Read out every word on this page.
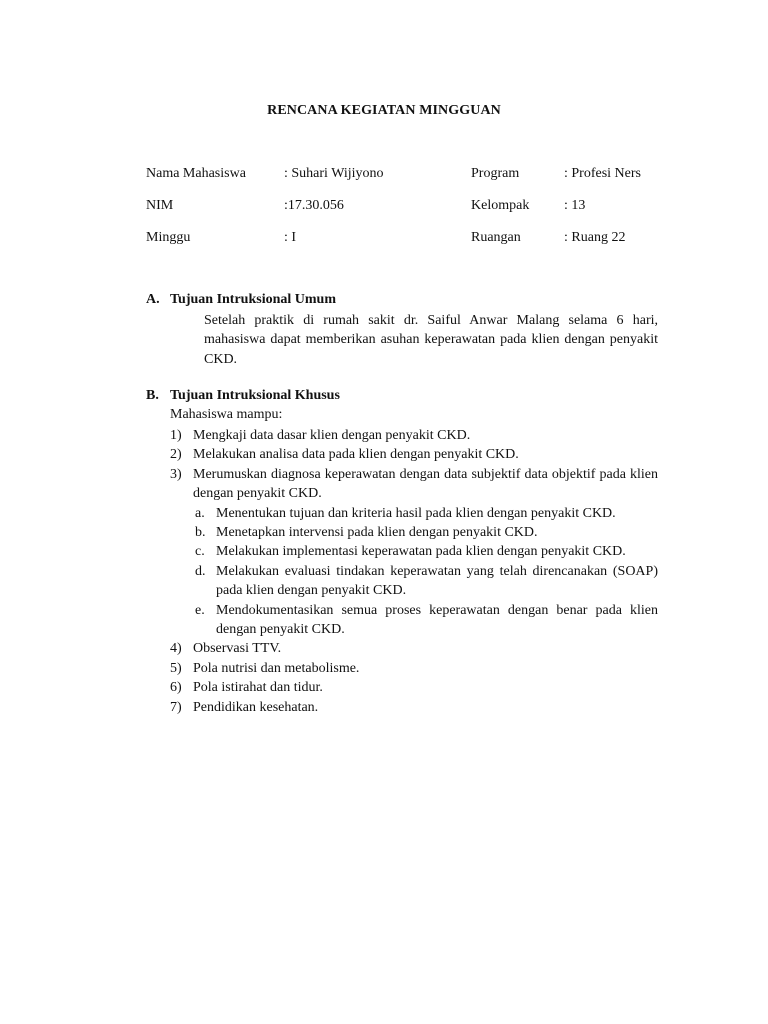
RENCANA KEGIATAN MINGGUAN
Nama Mahasiswa	: Suhari Wijiyono	Program	: Profesi Ners
NIM	:17.30.056	Kelompak : 13
Minggu	: I	Ruangan	: Ruang 22
A. Tujuan Intruksional Umum
Setelah praktik di rumah sakit dr. Saiful Anwar Malang selama 6 hari, mahasiswa dapat memberikan asuhan keperawatan pada klien dengan penyakit CKD.
B. Tujuan Intruksional Khusus
Mahasiswa mampu:
1) Mengkaji data dasar klien dengan penyakit CKD.
2) Melakukan analisa data pada klien dengan penyakit CKD.
3) Merumuskan diagnosa keperawatan dengan data subjektif data objektif pada klien dengan penyakit CKD.
a. Menentukan tujuan dan kriteria hasil pada klien dengan penyakit CKD.
b. Menetapkan intervensi pada klien dengan penyakit CKD.
c. Melakukan implementasi keperawatan pada klien dengan penyakit CKD.
d. Melakukan evaluasi tindakan keperawatan yang telah direncanakan (SOAP) pada klien dengan penyakit CKD.
e. Mendokumentasikan semua proses keperawatan dengan benar pada klien dengan penyakit CKD.
4) Observasi TTV.
5) Pola nutrisi dan metabolisme.
6) Pola istirahat dan tidur.
7) Pendidikan kesehatan.
